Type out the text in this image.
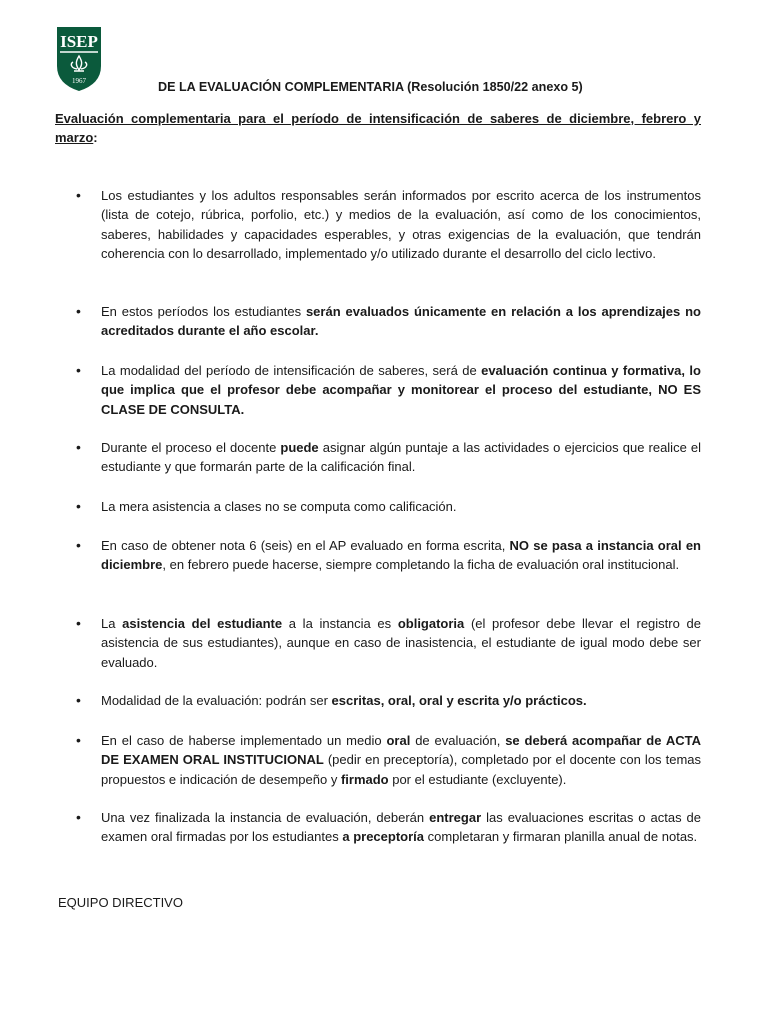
ISEP
1967	DE LA EVALUACIÓN COMPLEMENTARIA (Resolución 1850/22 anexo 5)
Evaluación complementaria para el período de intensificación de saberes de diciembre, febrero y marzo:
• Los estudiantes y los adultos responsables serán informados por escrito acerca de los instrumentos (lista de cotejo, rúbrica, porfolio, etc.) y medios de la evaluación, así como de los conocimientos, saberes, habilidades y capacidades esperables, y otras exigencias de la evaluación, que tendrán coherencia con lo desarrollado, implementado y/o utilizado durante el desarrollo del ciclo lectivo.
• En estos períodos los estudiantes serán evaluados únicamente en relación a los aprendizajes no acreditados durante el año escolar.
• La modalidad del período de intensificación de saberes, será de evaluación continua y formativa, lo que implica que el profesor debe acompañar y monitorear el proceso del estudiante, NO ES CLASE DE CONSULTA.
• Durante el proceso el docente puede asignar algún puntaje a las actividades o ejercicios que realice el estudiante y que formarán parte de la calificación final.
• La mera asistencia a clases no se computa como calificación.
• En caso de obtener nota 6 (seis) en el AP evaluado en forma escrita, NO se pasa a instancia oral en diciembre, en febrero puede hacerse, siempre completando la ficha de evaluación oral institucional.
• La asistencia del estudiante a la instancia es obligatoria (el profesor debe llevar el registro de asistencia de sus estudiantes), aunque en caso de inasistencia, el estudiante de igual modo debe ser evaluado.
• Modalidad de la evaluación: podrán ser escritas, oral, oral y escrita y/o prácticos.
• En el caso de haberse implementado un medio oral de evaluación, se deberá acompañar de ACTA DE EXAMEN ORAL INSTITUCIONAL (pedir en preceptoría), completado por el docente con los temas propuestos e indicación de desempeño y firmado por el estudiante (excluyente).
• Una vez finalizada la instancia de evaluación, deberán entregar las evaluaciones escritas o actas de examen oral firmadas por los estudiantes a preceptoría completaran y firmaran planilla anual de notas.
EQUIPO DIRECTIVO
